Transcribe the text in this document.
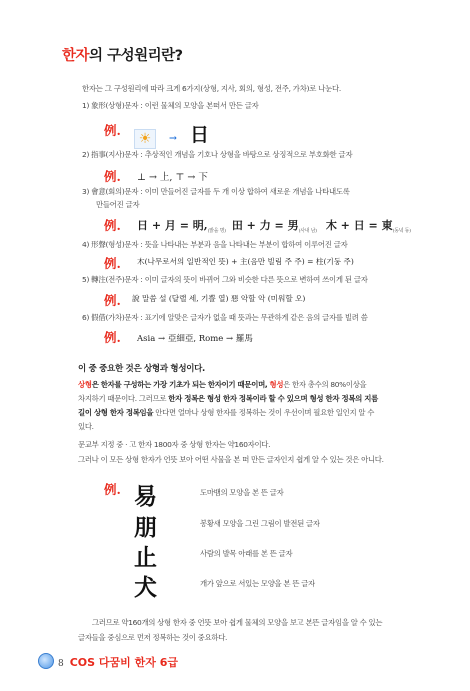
한자의 구성원리란?
한자는 그 구성원리에 따라 크게 6가지(상형, 지사, 회의, 형성, 전주, 가차)로 나눈다.
1) 象形(상형)문자 : 이런 물체의 모양을 본떠서 만든 글자
例.	☀ → 日
2) 指事(지사)문자 : 추상적인 개념을 기호나 상형을 바탕으로 상징적으로 부호화한 글자
例. ⊥ → 上, ⊤ → 下
3) 會意(회의)문자 : 이미 만들어진 글자를 두 개 이상 합하여 새로운 개념을 나타내도록
만들어진 글자
例. 日 + 月 = 明$,_{(밝을 명)}$ 田 + 力 = 男$_{(사내 남)}$ 木 + 日 = 東$_{(동녘 동)}$
4) 形聲(형성)문자 : 뜻을 나타내는 부분과 음을 나타내는 부분이 합하여 이루어진 글자
例. 木(나무로서의 일반적인 뜻) + 主(음만 빌림 주 주) = 柱(기둥 주)
5) 轉注(전주)문자 : 이미 글자의 뜻이 바뀌어 그와 비슷한 다른 뜻으로 변하여 쓰이게 된 글자
例. 說 말씀 설 (달랠 세, 기쁠 열) 惡 악할 악 (미워할 오)
6) 假借(가차)문자 : 표기에 알맞은 글자가 없을 때 뜻과는 무관하게 같은 음의 글자를 빌려 씀
例. Asia → 亞細亞, Rome → 羅馬
이 중 중요한 것은 상형과 형성이다.
상형은 한자를 구성하는 가장 기초가 되는 한자이기 때문이며, 형성은 한자 총수의 80%이상을
차지하기 때문이다. 그러므로 한자 정복은 형성 한자 정복이라 할 수 있으며 형성 한자 정복의 지름
길이 상형 한자 정복임을 안다면 얼마나 상형 한자를 정복하는 것이 우선이며 필요한 일인지 알 수
있다.
문교부 지정 중 · 고 한자 1800자 중 상형 한자는 약160자이다.
그러나 이 모든 상형 한자가 언뜻 보아 어떤 사물을 본 떠 만든 글자인지 쉽게 알 수 있는 것은 아니다.
例. 易	도마뱀의 모양을 본 뜬 글자
朋	봉황새 모양을 그린 그림이 발전된 글자
止	사람의 발목 아래를 본 뜬 글자
犬	개가 앞으로 서있는 모양을 본 뜬 글자
그러므로 약160개의 상형 한자 중 언뜻 보아 쉽게 물체의 모양을 보고 본뜬 글자임을 알 수 있는
글자들을 중심으로 먼저 정복하는 것이 중요하다.
8 COS 다꿈비 한자 6급
